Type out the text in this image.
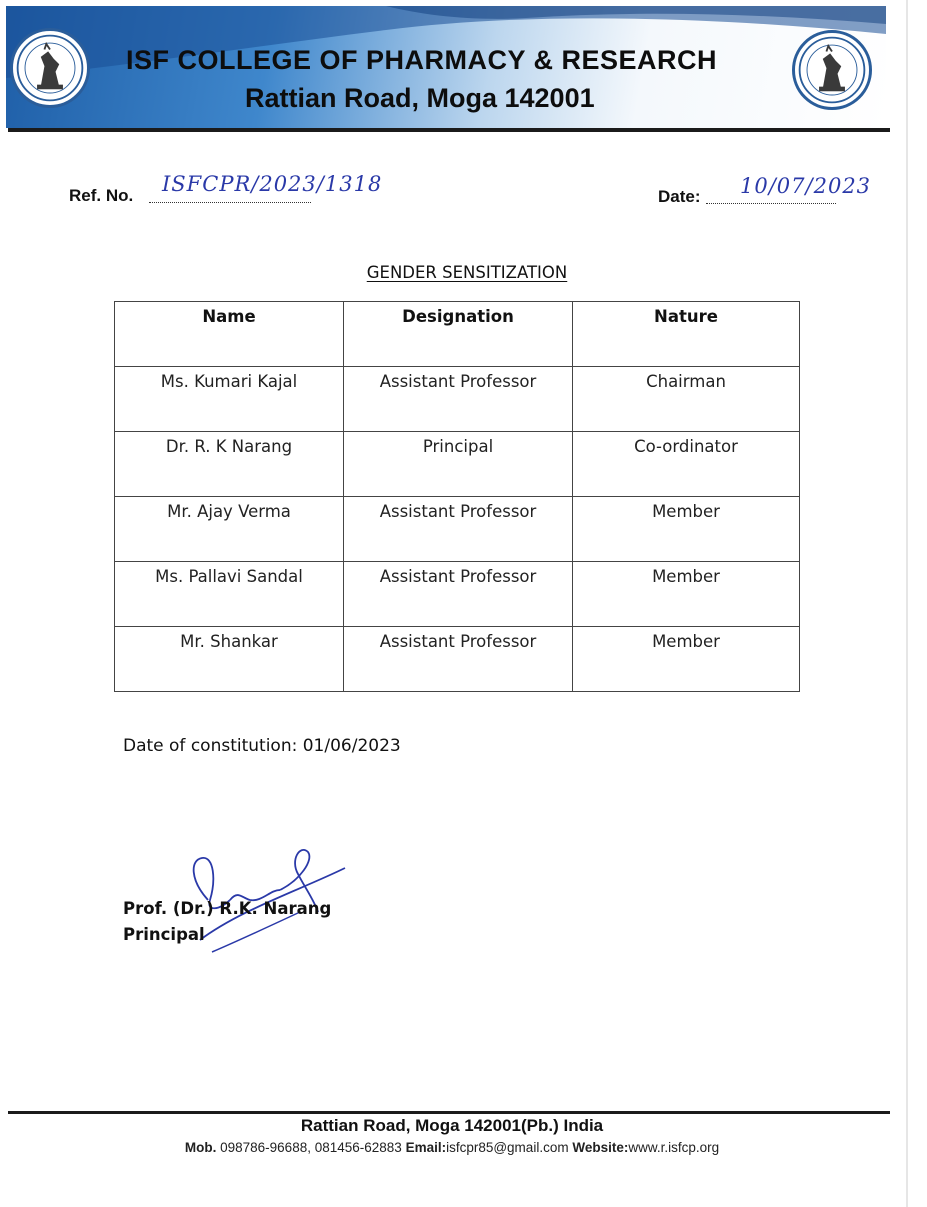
ISF COLLEGE OF PHARMACY & RESEARCH
Rattian Road, Moga 142001
Ref. No. ISFCPR/2023/1318
Date: 10/07/2023
GENDER SENSITIZATION
Name	Designation	Nature
Ms. Kumari Kajal	Assistant Professor	Chairman
Dr. R. K Narang	Principal	Co-ordinator
Mr. Ajay Verma	Assistant Professor	Member
Ms. Pallavi Sandal	Assistant Professor	Member
Mr. Shankar	Assistant Professor	Member
Date of constitution: 01/06/2023
Prof. (Dr.) R.K. Narang
Principal
Rattian Road, Moga 142001(Pb.) India
Mob. 098786-96688, 081456-62883 Email:isfcpr85@gmail.com Website:www.r.isfcp.org
